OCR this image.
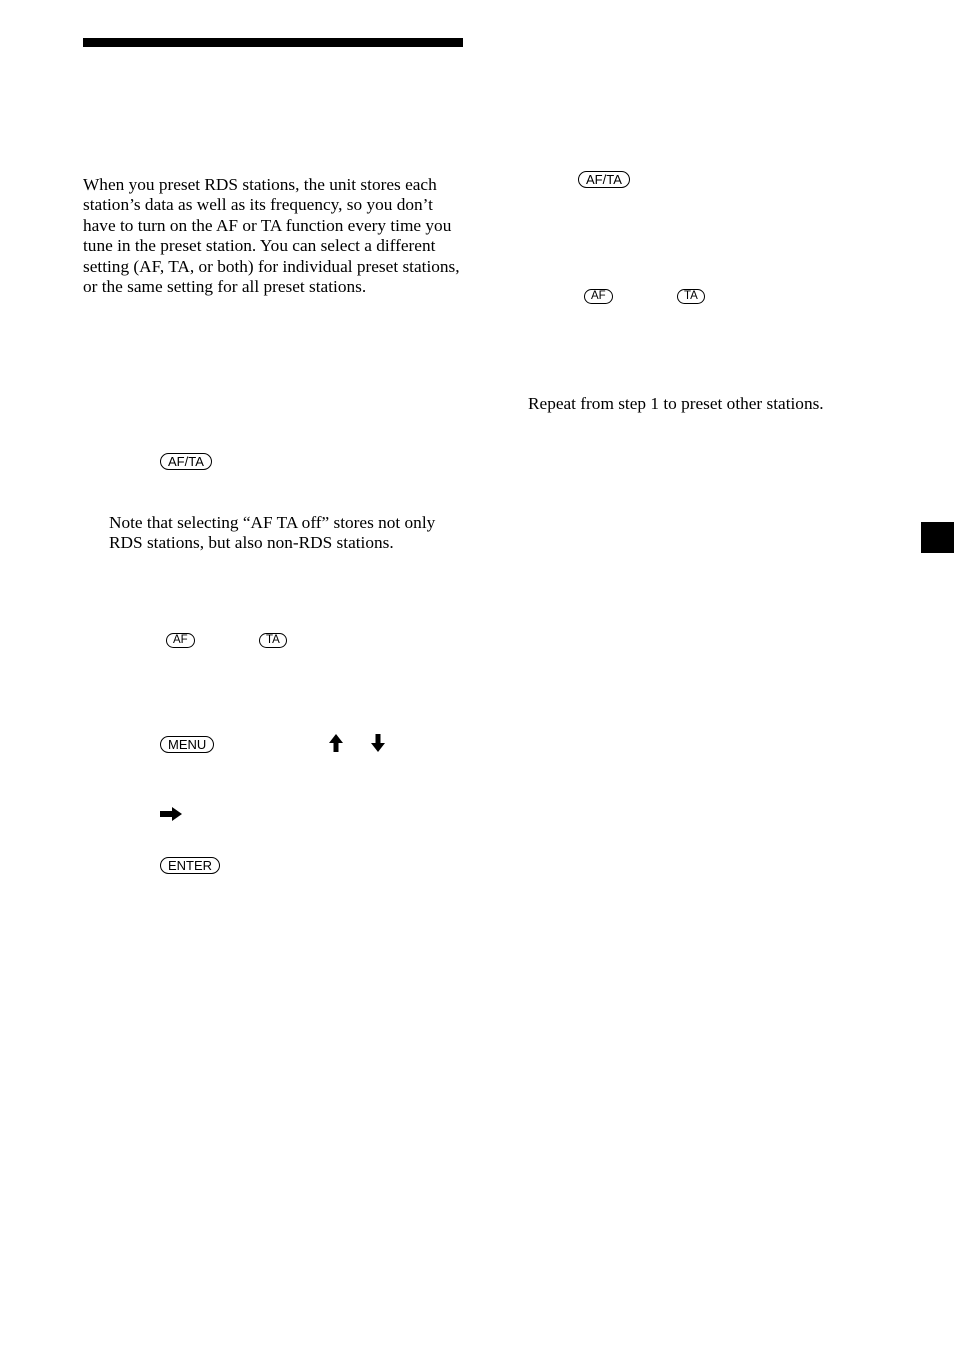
When you preset RDS stations, the unit stores each station’s data as well as its frequency, so you don’t have to turn on the AF or TA function every time you tune in the preset station. You can select a different setting (AF, TA, or both) for individual preset stations, or the same setting for all preset stations.

AF/TA

Note that selecting “AF TA off” stores not only RDS stations, but also non-RDS stations.

AF	TA
MENU
ENTER
AF/TA
AF	TA

Repeat from step 1 to preset other stations.
